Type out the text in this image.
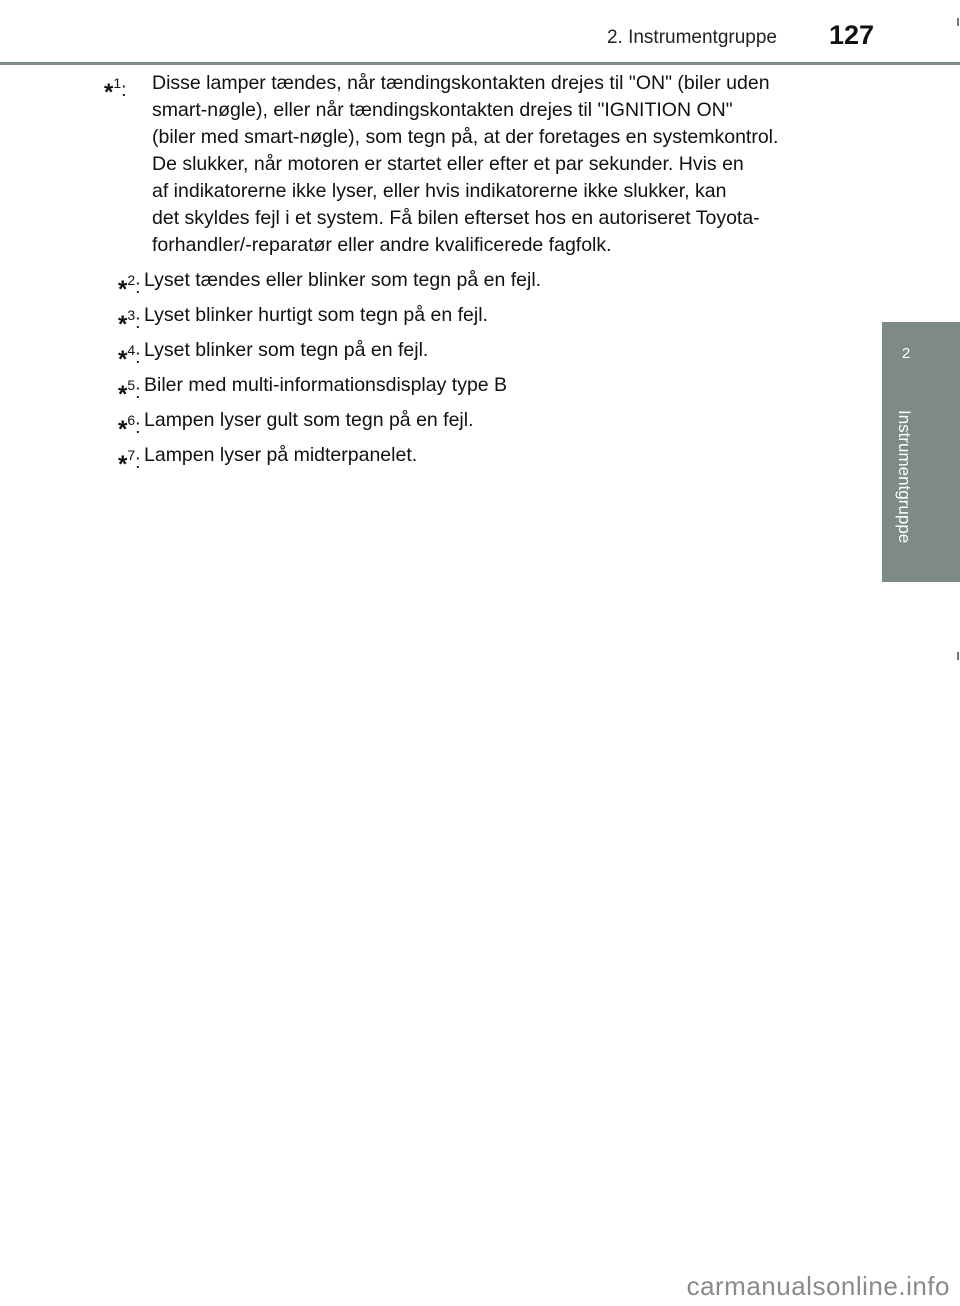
2. Instrumentgruppe 127
2
Instrumentgruppe
*$^1$: Disse lamper tændes, når tændingskontakten drejes til "ON" (biler uden
smart-nøgle), eller når tændingskontakten drejes til "IGNITION ON"
(biler med smart-nøgle), som tegn på, at der foretages en systemkontrol.
De slukker, når motoren er startet eller efter et par sekunder. Hvis en
af indikatorerne ikke lyser, eller hvis indikatorerne ikke slukker, kan
det skyldes fejl i et system. Få bilen efterset hos en autoriseret Toyota-
forhandler/-reparatør eller andre kvalificerede fagfolk.
*$^2$: Lyset tændes eller blinker som tegn på en fejl.
*$^3$: Lyset blinker hurtigt som tegn på en fejl.
*$^4$: Lyset blinker som tegn på en fejl.
*$^5$: Biler med multi-informationsdisplay type B
*$^6$: Lampen lyser gult som tegn på en fejl.
*$^7$: Lampen lyser på midterpanelet.
carmanualsonline.info
